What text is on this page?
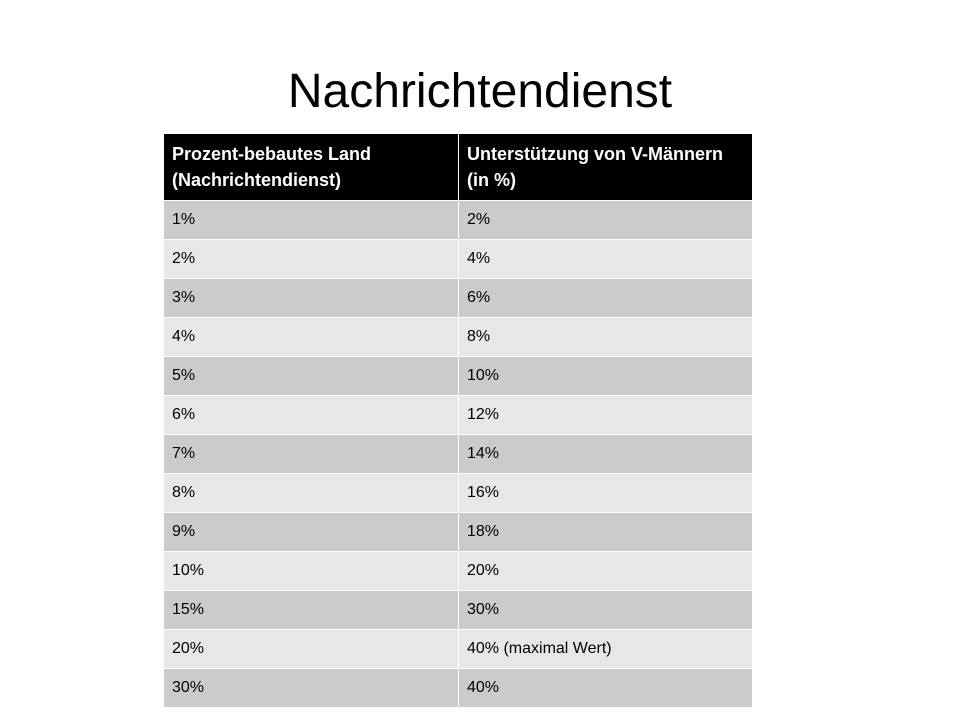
Nachrichtendienst
Prozent-bebautes Land (Nachrichtendienst)	Unterstützung von V-Männern (in %)
1%	2%
2%	4%
3%	6%
4%	8%
5%	10%
6%	12%
7%	14%
8%	16%
9%	18%
10%	20%
15%	30%
20%	40% (maximal Wert)
30%	40%
